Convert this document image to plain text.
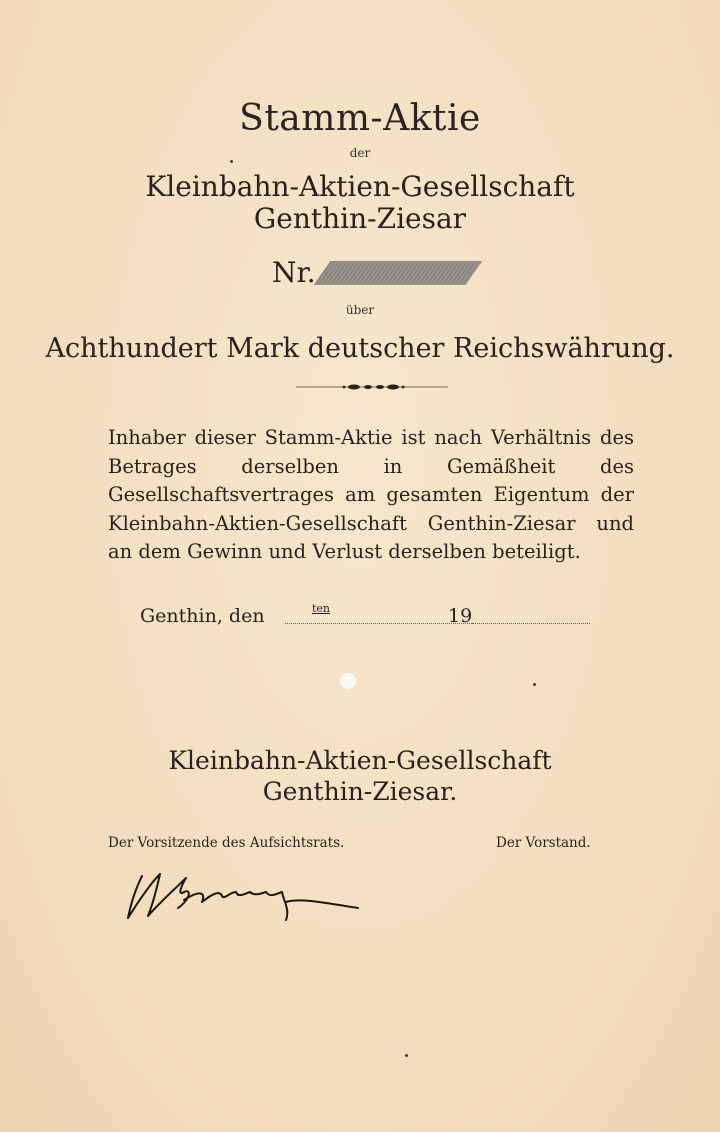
Stamm-Aktie
der
Kleinbahn-Aktien-Gesellschaft
Genthin-Ziesar
Nr.
über
Achthundert Mark deutscher Reichswährung.
Inhaber dieser Stamm-Aktie ist nach Verhältnis des Betrages derselben in Gemäßheit des Gesellschaftsvertrages am gesamten Eigentum der Kleinbahn-Aktien-Gesellschaft Genthin-Ziesar und an dem Gewinn und Verlust derselben beteiligt.
Genthin, den	ten	19
Kleinbahn-Aktien-Gesellschaft
Genthin-Ziesar.
Der Vorsitzende des Aufsichtsrats.	Der Vorstand.
